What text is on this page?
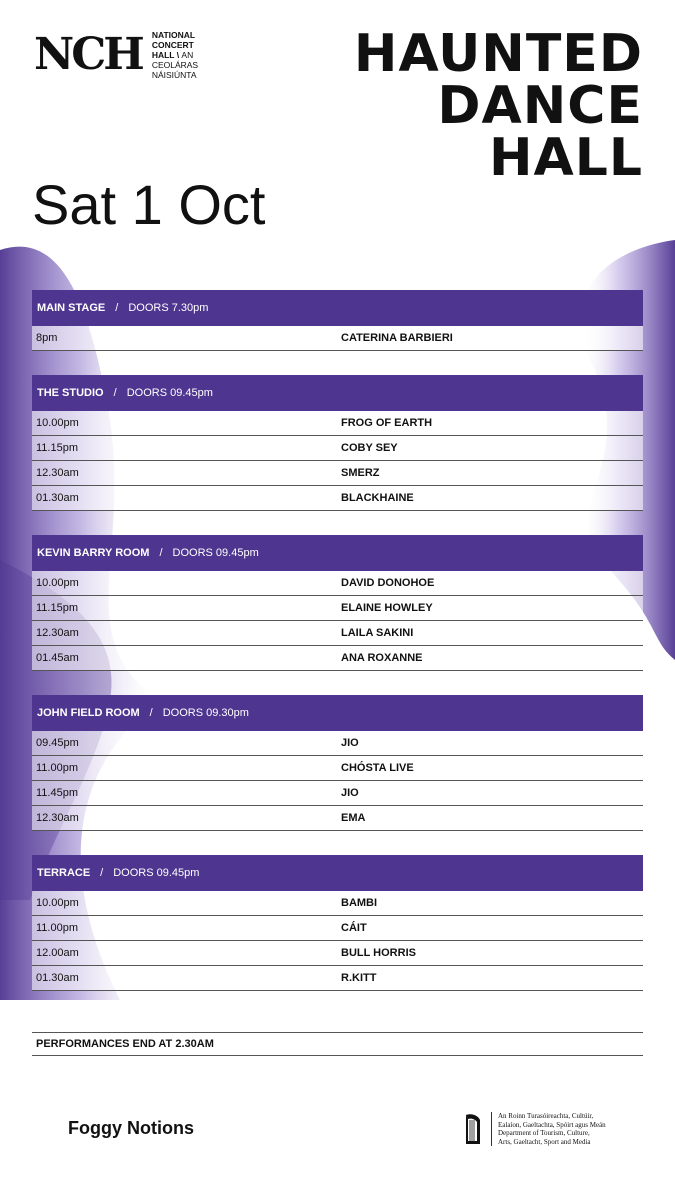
NCH NATIONAL
CONCERT
HALL \ AN
CEOLÁRAS
NÁISIÚNTA	HAUNTED
DANCE
HALL
Sat 1 Oct
MAIN STAGE / DOORS 7.30pm
8pm	CATERINA BARBIERI
THE STUDIO / DOORS 09.45pm
10.00pm	FROG OF EARTH
11.15pm	COBY SEY
12.30am	SMERZ
01.30am	BLACKHAINE
KEVIN BARRY ROOM / DOORS 09.45pm
10.00pm	DAVID DONOHOE
11.15pm	ELAINE HOWLEY
12.30am	LAILA SAKINI
01.45am	ANA ROXANNE
JOHN FIELD ROOM / DOORS 09.30pm
09.45pm	JIO
11.00pm	CHÓSTA LIVE
11.45pm	JIO
12.30am	EMA
TERRACE / DOORS 09.45pm
10.00pm	BAMBI
11.00pm	CÁIT
12.00am	BULL HORRIS
01.30am	R.KITT
PERFORMANCES END AT 2.30AM
Foggy Notions
An Roinn Turasóireachta, Cultúir,
Ealaíon, Gaeltachta, Spóirt agus Meán
Department of Tourism, Culture,
Arts, Gaeltacht, Sport and Media
